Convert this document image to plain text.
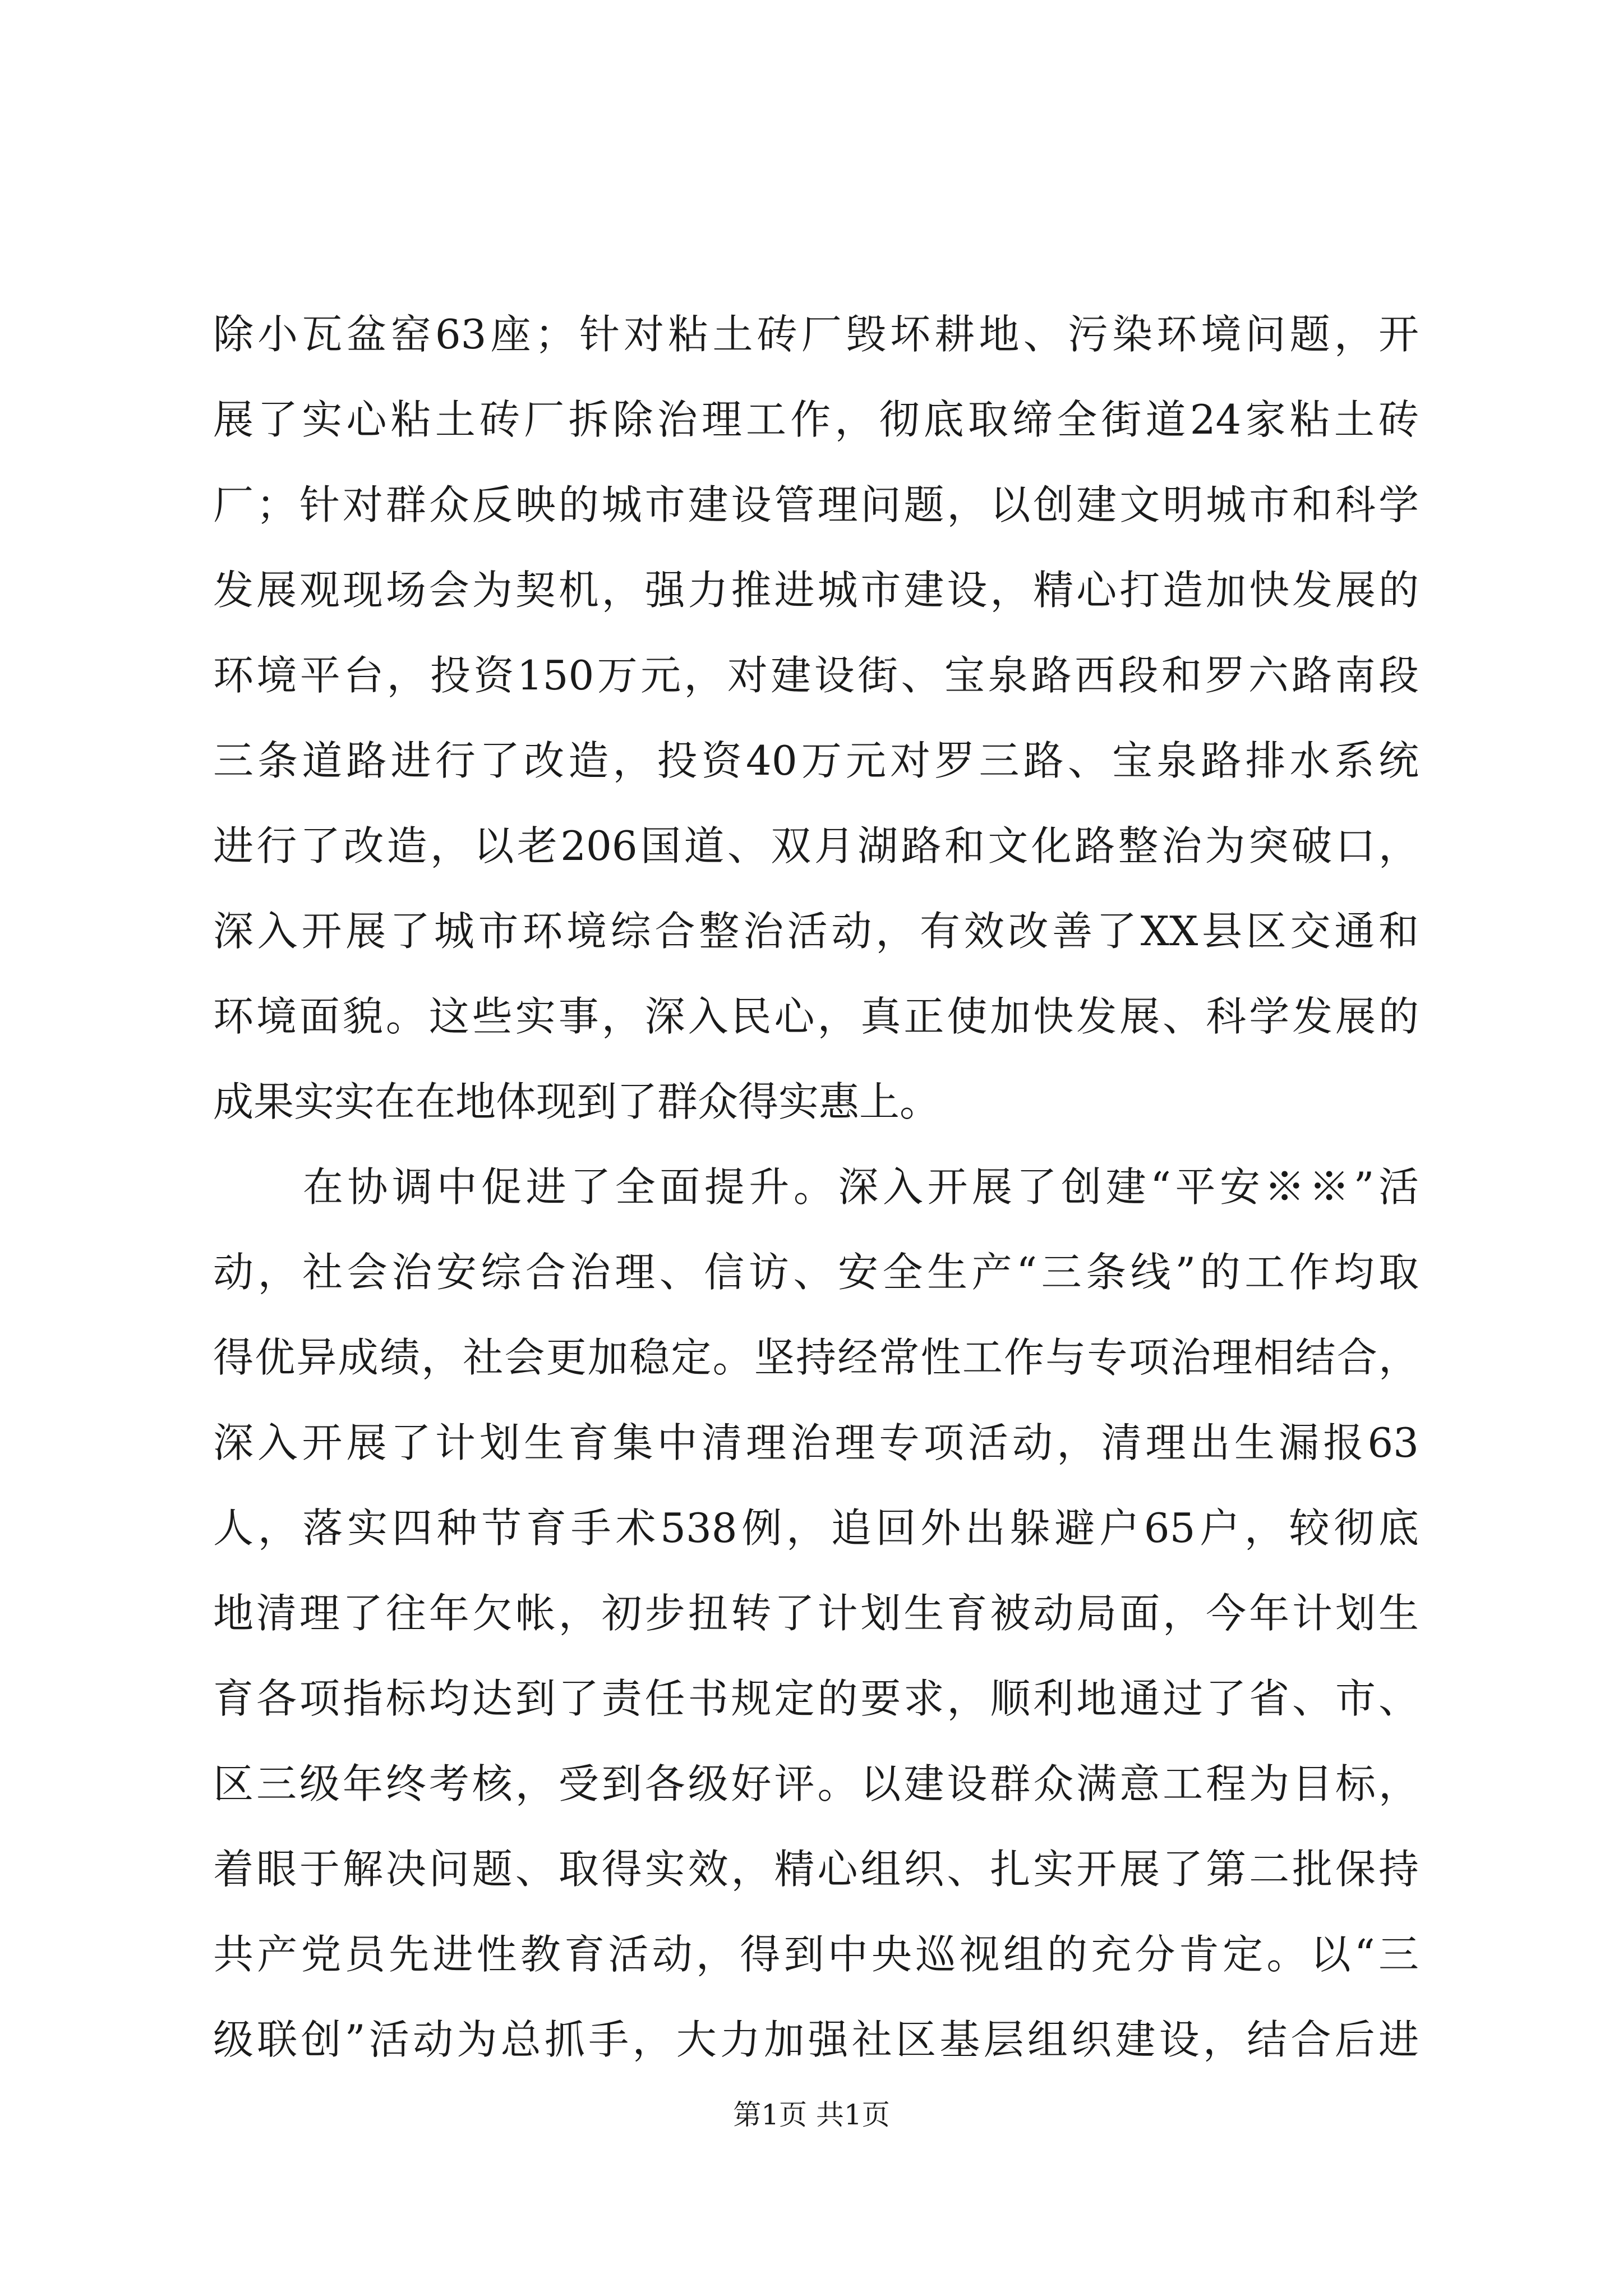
除小瓦盆窑63座；针对粘土砖厂毁坏耕地、污染环境问题，开
展了实心粘土砖厂拆除治理工作，彻底取缔全街道24家粘土砖
厂；针对群众反映的城市建设管理问题，以创建文明城市和科学
发展观现场会为契机，强力推进城市建设，精心打造加快发展的
环境平台，投资150万元，对建设街、宝泉路西段和罗六路南段
三条道路进行了改造，投资40万元对罗三路、宝泉路排水系统
进行了改造，以老206国道、双月湖路和文化路整治为突破口，
深入开展了城市环境综合整治活动，有效改善了XX县区交通和
环境面貌。这些实事，深入民心，真正使加快发展、科学发展的
成果实实在在地体现到了群众得实惠上。
在协调中促进了全面提升。深入开展了创建“平安※※”活
动，社会治安综合治理、信访、安全生产“三条线”的工作均取
得优异成绩，社会更加稳定。坚持经常性工作与专项治理相结合，
深入开展了计划生育集中清理治理专项活动，清理出生漏报63
人，落实四种节育手术538例，追回外出躲避户65户，较彻底
地清理了往年欠帐，初步扭转了计划生育被动局面，今年计划生
育各项指标均达到了责任书规定的要求，顺利地通过了省、市、
区三级年终考核，受到各级好评。以建设群众满意工程为目标，
着眼于解决问题、取得实效，精心组织、扎实开展了第二批保持
共产党员先进性教育活动，得到中央巡视组的充分肯定。以“三
级联创”活动为总抓手，大力加强社区基层组织建设，结合后进
第1页 共1页
